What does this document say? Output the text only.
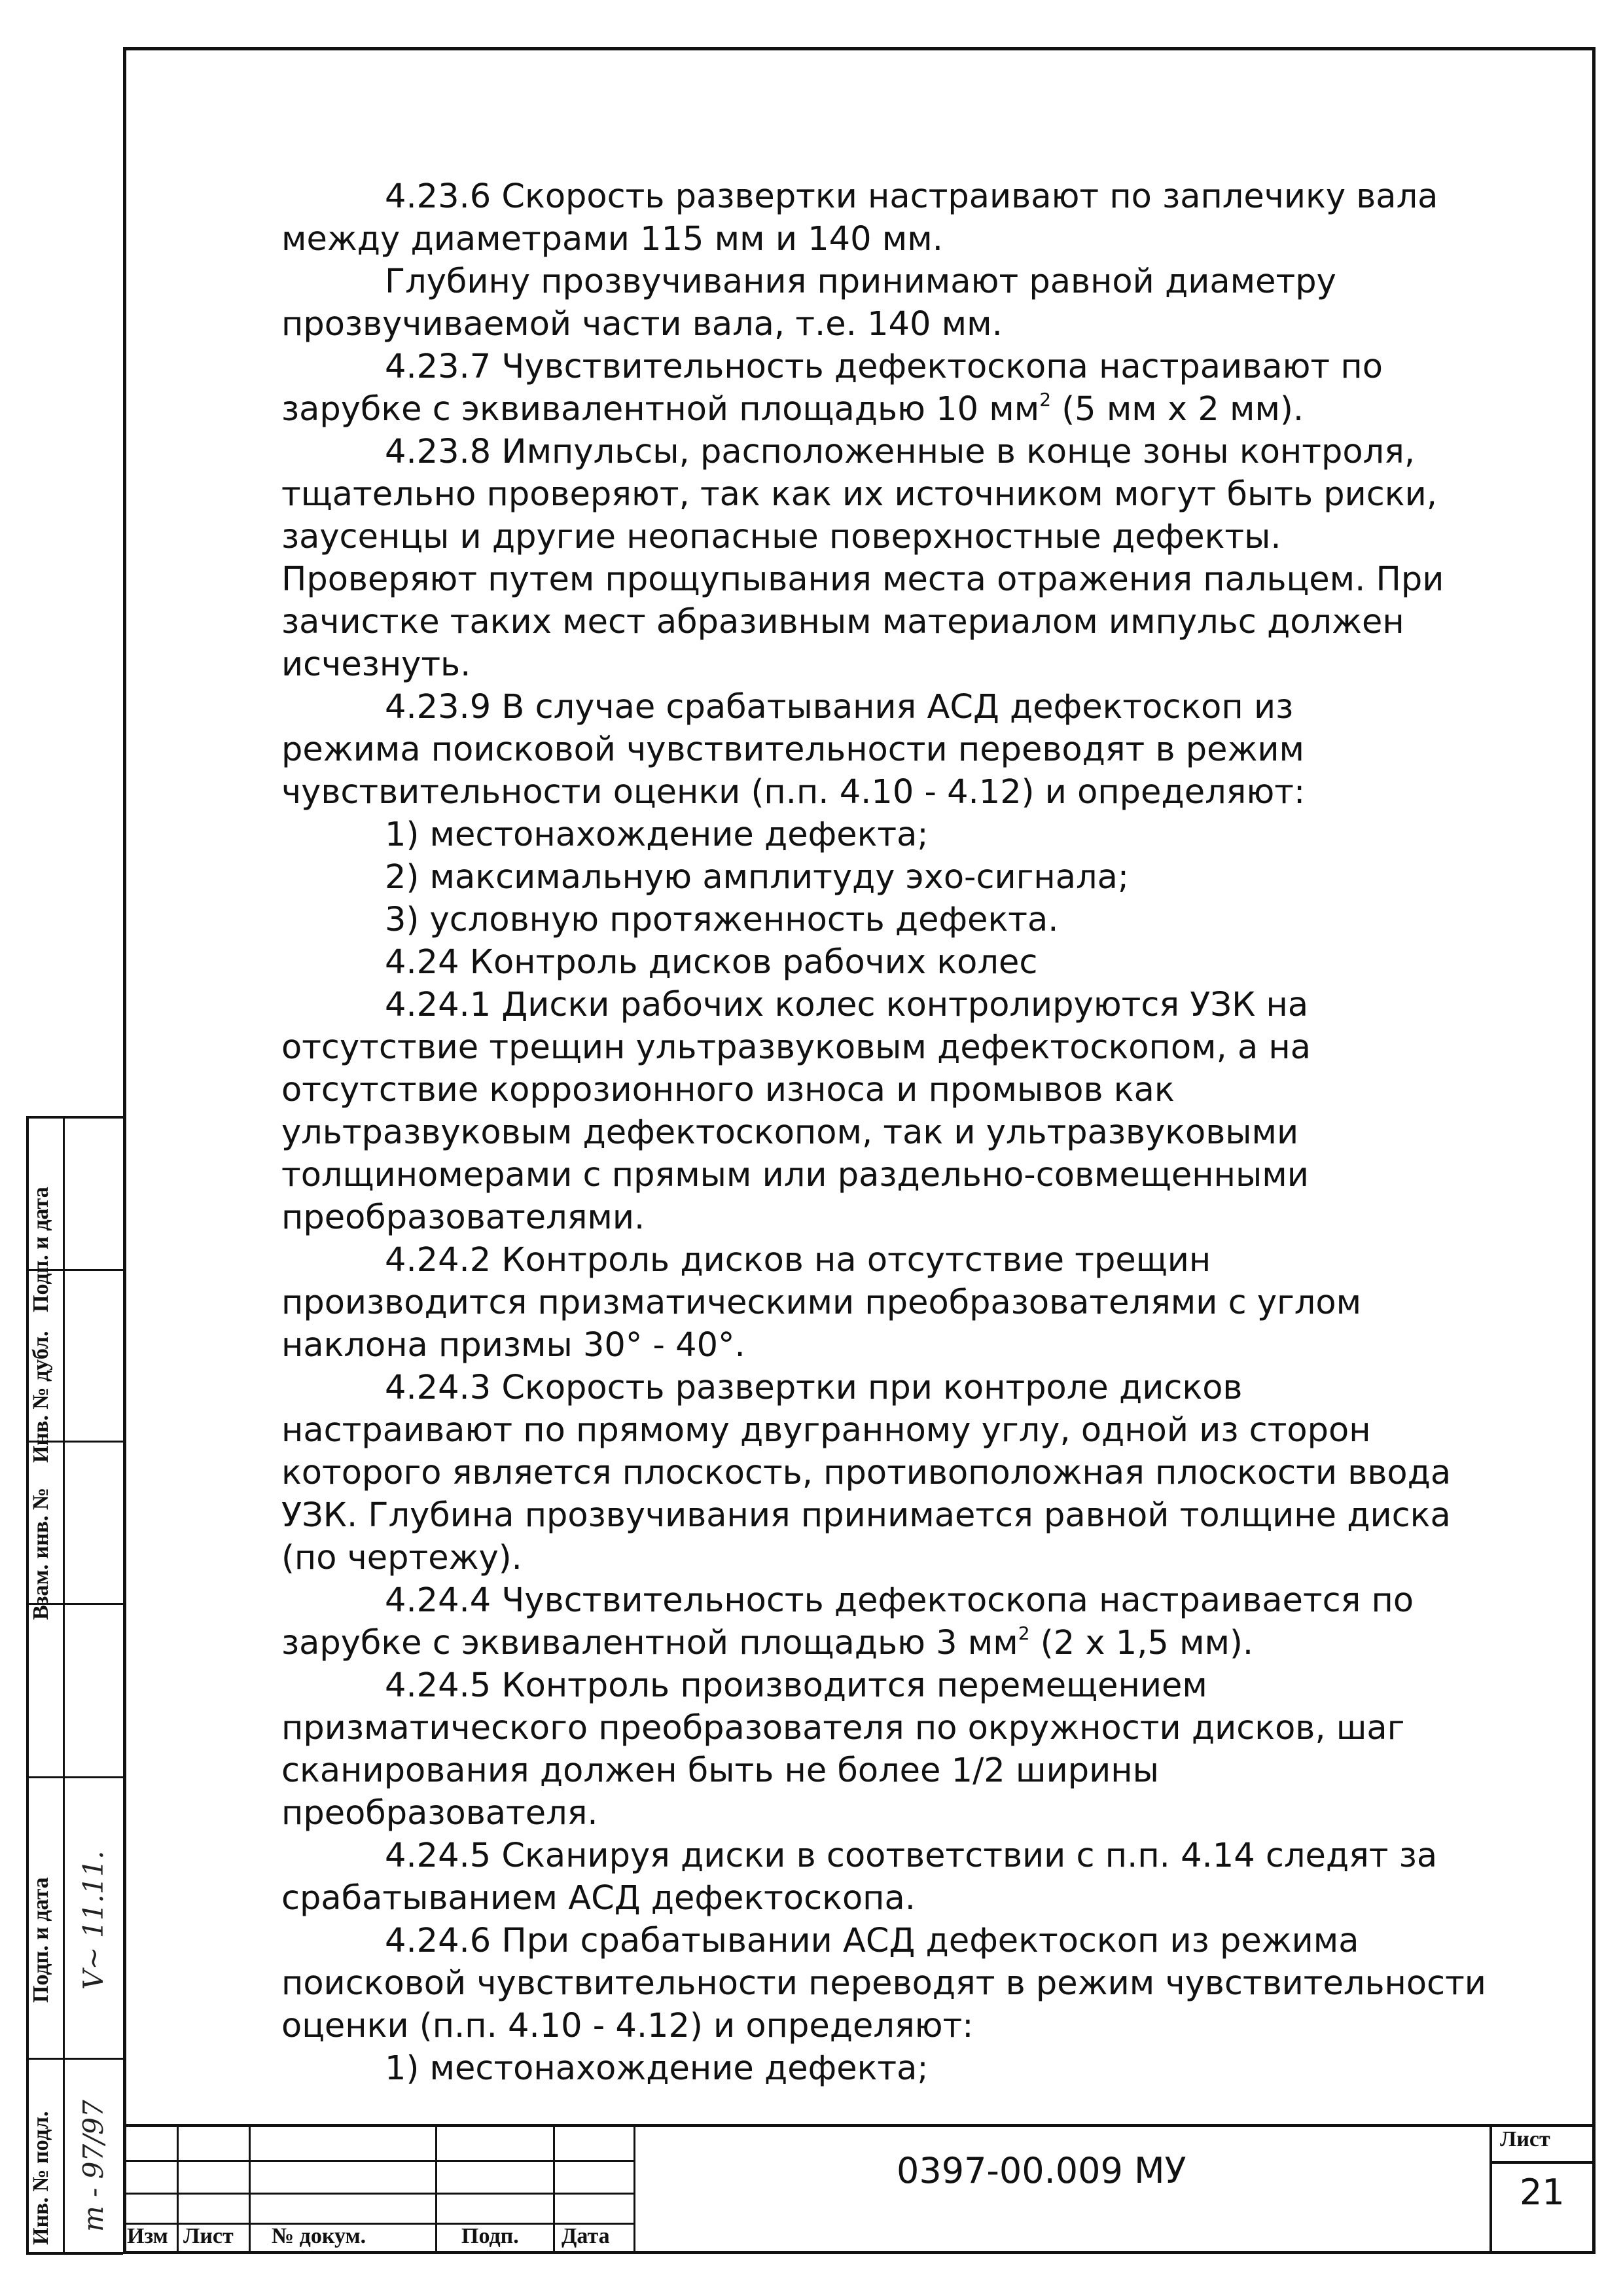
4.23.6 Скорость развертки настраивают по заплечику вала

между диаметрами 115 мм и 140 мм.

Глубину прозвучивания принимают равной диаметру

прозвучиваемой части вала, т.е. 140 мм.

4.23.7 Чувствительность дефектоскопа настраивают по

зарубке с эквивалентной площадью 10 $мм^2$ (5 мм х 2 мм).

4.23.8 Импульсы, расположенные в конце зоны контроля,

тщательно проверяют, так как их источником могут быть риски,

заусенцы и другие неопасные поверхностные дефекты.

Проверяют путем прощупывания места отражения пальцем. При

зачистке таких мест абразивным материалом импульс должен

исчезнуть.

4.23.9 В случае срабатывания АСД дефектоскоп из

режима поисковой чувствительности переводят в режим

чувствительности оценки (п.п. 4.10 - 4.12) и определяют:

1) местонахождение дефекта;

2) максимальную амплитуду эхо-сигнала;

3) условную протяженность дефекта.

4.24 Контроль дисков рабочих колес

4.24.1 Диски рабочих колес контролируются УЗК на

отсутствие трещин ультразвуковым дефектоскопом, а на

отсутствие коррозионного износа и промывов как

ультразвуковым дефектоскопом, так и ультразвуковыми

толщиномерами с прямым или раздельно-совмещенными

преобразователями.

4.24.2 Контроль дисков на отсутствие трещин

производится призматическими преобразователями с углом

наклона призмы 30° - 40°.

4.24.3 Скорость развертки при контроле дисков

настраивают по прямому двугранному углу, одной из сторон

которого является плоскость, противоположная плоскости ввода

УЗК. Глубина прозвучивания принимается равной толщине диска

(по чертежу).

4.24.4 Чувствительность дефектоскопа настраивается по

зарубке с эквивалентной площадью 3 $мм^2$ (2 х 1,5 мм).

4.24.5 Контроль производится перемещением

призматического преобразователя по окружности дисков, шаг

сканирования должен быть не более 1/2 ширины

преобразователя.

4.24.5 Сканируя диски в соответствии с п.п. 4.14 следят за

срабатыванием АСД дефектоскопа.

4.24.6 При срабатывании АСД дефектоскоп из режима

поисковой чувствительности переводят в режим чувствительности

оценки (п.п. 4.10 - 4.12) и определяют:

1) местонахождение дефекта;

Подп. и дата
Инв. № дубл.
Взам. инв. №
Подп. и дата
Инв. № подл.
V~ 11.11.
т - 97/97
Изм Лист № докум.	Подп. Дата
0397-00.009 МУ
Лист
21
